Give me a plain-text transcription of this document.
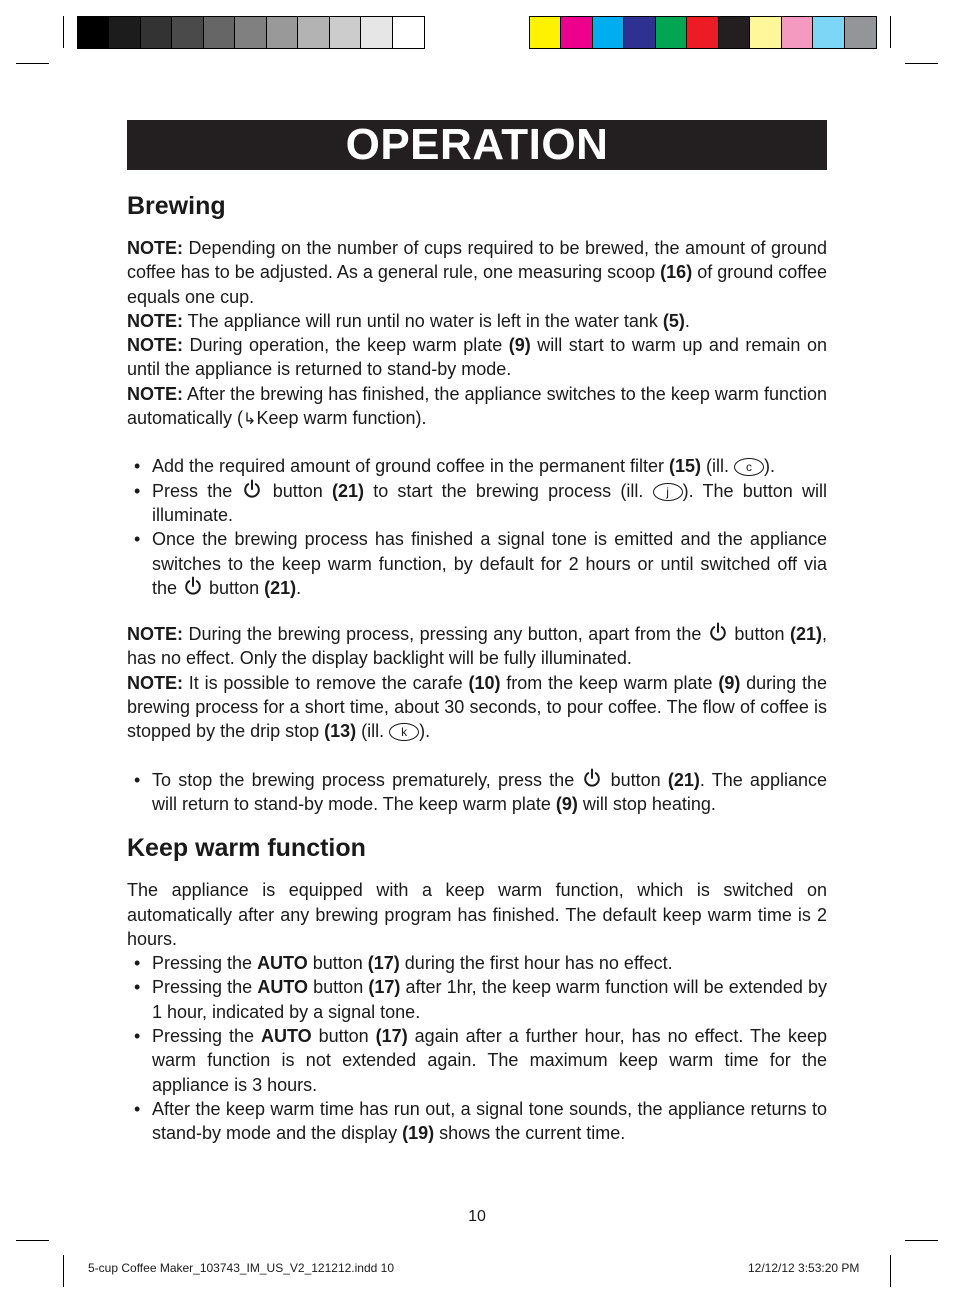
OPERATION
Brewing

NOTE: Depending on the number of cups required to be brewed, the amount of ground coffee has to be adjusted. As a general rule, one measuring scoop (16) of ground coffee equals one cup.

NOTE: The appliance will run until no water is left in the water tank (5).

NOTE: During operation, the keep warm plate (9) will start to warm up and remain on until the appliance is returned to stand-by mode.

NOTE: After the brewing has finished, the appliance switches to the keep warm function automatically (↳Keep warm function).

• Add the required amount of ground coffee in the permanent filter (15) (ill. c ).
• Press the  button (21) to start the brewing process (ill. j ). The button will illuminate.
• Once the brewing process has finished a signal tone is emitted and the appliance switches to the keep warm function, by default for 2 hours or until switched off via the  button (21).

NOTE: During the brewing process, pressing any button, apart from the  button (21), has no effect. Only the display backlight will be fully illuminated.

NOTE: It is possible to remove the carafe (10) from the keep warm plate (9) during the brewing process for a short time, about 30 seconds, to pour coffee. The flow of coffee is stopped by the drip stop (13) (ill. k ).

• To stop the brewing process prematurely, press the  button (21). The appliance will return to stand-by mode. The keep warm plate (9) will stop heating.
Keep warm function

The appliance is equipped with a keep warm function, which is switched on automatically after any brewing program has finished. The default keep warm time is 2 hours.

• Pressing the AUTO button (17) during the first hour has no effect.
• Pressing the AUTO button (17) after 1hr, the keep warm function will be extended by 1 hour, indicated by a signal tone.
• Pressing the AUTO button (17) again after a further hour, has no effect. The keep warm function is not extended again. The maximum keep warm time for the appliance is 3 hours.
• After the keep warm time has run out, a signal tone sounds, the appliance returns to stand-by mode and the display (19) shows the current time.
10
5-cup Coffee Maker_103743_IM_US_V2_121212.indd 10	12/12/12 3:53:20 PM
